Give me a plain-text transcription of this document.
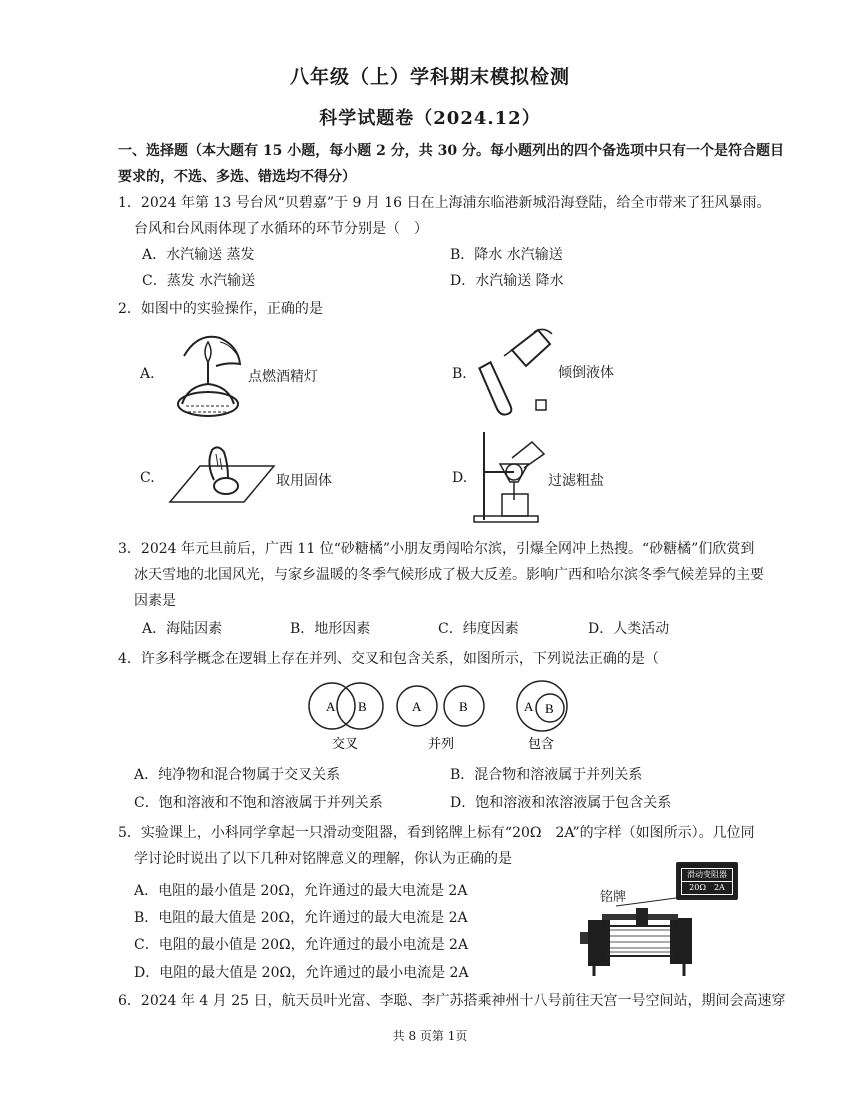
八年级（上）学科期末模拟检测
科学试题卷（2024.12）
一、选择题（本大题有 15 小题，每小题 2 分，共 30 分。每小题列出的四个备选项中只有一个是符合题目
要求的，不选、多选、错选均不得分）
1．2024 年第 13 号台风“贝碧嘉”于 9 月 16 日在上海浦东临港新城沿海登陆，给全市带来了狂风暴雨。
台风和台风雨体现了水循环的环节分别是（　）
A．水汽输送 蒸发	B．降水 水汽输送
C．蒸发 水汽输送	D．水汽输送 降水
2．如图中的实验操作，正确的是
A.	点燃酒精灯	B.	倾倒液体
C.	取用固体	D.	过滤粗盐
3．2024 年元旦前后，广西 11 位“砂糖橘”小朋友勇闯哈尔滨，引爆全网冲上热搜。“砂糖橘”们欣赏到
冰天雪地的北国风光，与家乡温暖的冬季气候形成了极大反差。影响广西和哈尔滨冬季气候差异的主要
因素是
A．海陆因素	B．地形因素	C．纬度因素	D．人类活动
4．许多科学概念在逻辑上存在并列、交叉和包含关系，如图所示，下列说法正确的是（
A B	A	B	A B
交叉	并列	包含
A．纯净物和混合物属于交叉关系	B．混合物和溶液属于并列关系
C．饱和溶液和不饱和溶液属于并列关系	D．饱和溶液和浓溶液属于包含关系
5．实验课上，小科同学拿起一只滑动变阻器，看到铭牌上标有“20Ω　2A”的字样（如图所示）。几位同
学讨论时说出了以下几种对铭牌意义的理解，你认为正确的是
A．电阻的最小值是 20Ω，允许通过的最大电流是 2A
B．电阻的最大值是 20Ω，允许通过的最大电流是 2A
C．电阻的最小值是 20Ω，允许通过的最小电流是 2A
D．电阻的最大值是 20Ω，允许通过的最小电流是 2A
铭牌
滑动变阻器
20Ω　2A
6．2024 年 4 月 25 日，航天员叶光富、李聪、李广苏搭乘神州十八号前往天宫一号空间站，期间会高速穿
共 8 页第 1页
